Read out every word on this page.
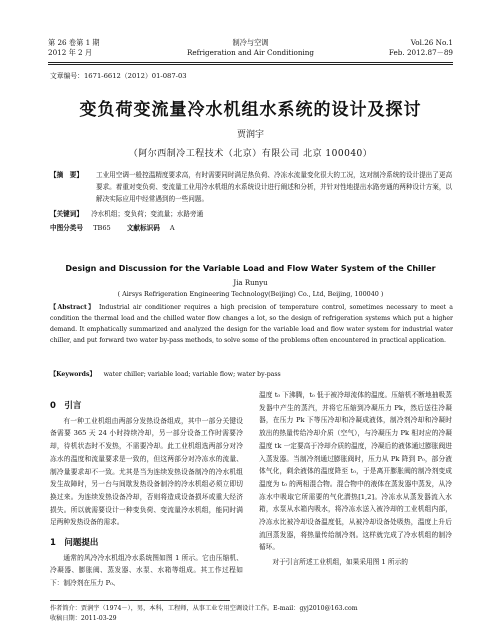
第 26 卷第 1 期
2012 年 2 月
制冷与空调
Refrigeration and Air Conditioning
Vol.26 No.1
Feb. 2012.87－89
文章编号：1671-6612（2012）01-087-03
变负荷变流量冷水机组水系统的设计及探讨
贾润宇
（阿尔西制冷工程技术（北京）有限公司 北京 100040）
【摘　要】 工业用空调一般控温精度要求高，有时需要同时满足热负荷、冷冻水流量变化很大的工况，这对制冷系统的设计提出了更高要求。着重对变负荷、变流量工业用冷水机组的水系统设计进行阐述和分析，并针对性地提出水路旁通的两种设计方案，以解决实际应用中经常遇到的一些问题。
【关键词】 冷水机组；变负荷；变流量；水路旁通
中图分类号 TB65 文献标识码 A
Design and Discussion for the Variable Load and Flow Water System of the Chiller
Jia Runyu
( Airsys Refrigeration Engineering Technology(Beijing) Co., Ltd, Beijing, 100040 )
【Abstract】 Industrial air conditioner requires a high precision of temperature control, sometimes necessary to meet a condition the thermal load and the chilled water flow changes a lot, so the design of refrigeration systems which put a higher demand. It emphatically summarized and analyzed the design for the variable load and flow water system for industrial water chiller, and put forward two water by-pass methods, to solve some of the problems often encountered in practical application.
【Keywords】 water chiller; variable load; variable flow; water by-pass
0　引言

有一种工业机组由两部分发热设备组成，其中一部分关键设备需要 365 天 24 小时持续冷却，另一部分设备工作时需要冷却，待机状态时不发热，不需要冷却。此工业机组选两部分对冷冻水的温度和流量要求是一致的，但这两部分对冷冻水的流量、制冷量要求却不一致。尤其是当为连续发热设备制冷的冷水机组发生故障时，另一台与间歇发热设备制冷的冷水机组必须立即切换过来。为连续发热设备冷却，否则将造成设备损坏或重大经济损失。所以就需要设计一种变负荷、变流量冷水机组，能同时满足两种发热设备的需求。

1　问题提出

通常的风冷冷水机组冷水系统图如图 1 所示。它由压缩机、冷凝器、膨胀阀、蒸发器、水泵、水箱等组成。其工作过程如下：制冷剂在压力 P₀、

温度 t₀ 下沸腾，t₀ 低于被冷却流体的温度。压缩机不断地抽吸蒸发器中产生的蒸汽，并将它压缩到冷凝压力 Pk，然后送往冷凝器，在压力 Pk 下等压冷却和冷凝成液体，制冷剂冷却和冷凝时放出的热量传给冷却介质（空气），与冷凝压力 Pk 相对应的冷凝温度 tk 一定要高于冷却介质的温度，冷凝后的液体通过膨胀阀进入蒸发器。当制冷剂通过膨胀阀时，压力从 Pk 降到 P₀，部分液体气化，剩余液体的温度降至 t₀，于是离开膨胀阀的制冷剂变成温度为 t₀ 的两相混合物。混合物中的液体在蒸发器中蒸发，从冷冻水中吸取它所需要的气化潜热[1,2]。冷冻水从蒸发器流入水箱，水泵从水箱内吸水，将冷冻水送入被冷却的工业机组内部，冷冻水比被冷却设备温度低，从被冷却设备处吸热，温度上升后流回蒸发器，将热量传给制冷剂。这样就完成了冷水机组的制冷循环。

对于引言所述工业机组，如果采用图 1 所示的

作者简介：贾润宇（1974－），男，本科，工程师，从事工业专用空调设计工作。E-mail：gyj2010@163.com
收稿日期：2011-03-29
